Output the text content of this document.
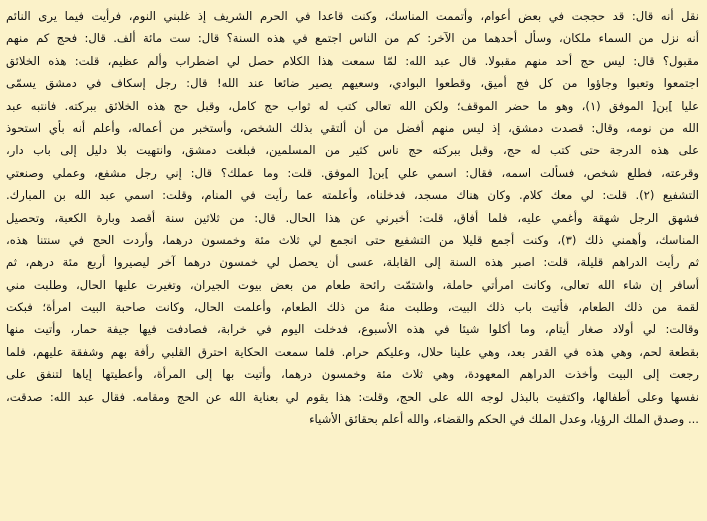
نقل أنه قال: قد حججت في بعض أعوام، وأتممت المناسك، وكنت قاعدا في الحرم الشريف إذ غلبني النوم، فرأيت فيما يرى النائم
أنه نزل من السماء ملكان، وسأل أحدهما من الآخر: كم من الناس اجتمع في هذه السنة؟ قال: ست مائة ألف. قال: فحج كم منهم
مقبول؟ قال: ليس حج أحد منهم مقبولا. قال عبد الله: لمّا سمعت هذا الكلام حصل لي اضطراب وألم عظيم، قلت: هذه الخلائق
اجتمعوا وتعبوا وجاؤوا من كل فج أميق، وقطعوا البوادي، وسعيهم يصير ضائعا عند الله! قال: رجل إسكاف في دمشق يسمّى
عليا ]بن[ الموفق (١)، وهو ما حضر الموقف؛ ولكن الله تعالى كتب له ثواب حج كامل، وقبل حج هذه الخلائق ببركته. فانتبه عبد
الله من نومه، وقال: قصدت دمشق، إذ ليس منهم أفضل من أن ألتقي بذلك الشخص، وأستخبر من أعماله، وأعلم أنه بأي استحوذ
على هذه الدرجة حتى كتب له حج، وقبل ببركته حج ناس كثير من المسلمين، فبلغت دمشق، وانتهيت بلا دليل إلى باب دار،
وقرعته، فطلع شخص، فسألت اسمه، فقال: اسمي علي ]بن[ الموفق. قلت: وما عملك؟ قال: إني رجل مشفع، وعملي وصنعتي
التشفيع (٢). قلت: لي معك كلام. وكان هناك مسجد، فدخلناه، وأعلمته عما رأيت في المنام، وقلت: اسمي عبد الله بن المبارك.
فشهق الرجل شهقة وأغمي عليه، فلما أفاق، قلت: أخبرني عن هذا الحال. قال: من ثلاثين سنة أقصد وبارة الكعبة، وتحصيل
المناسك، وأهمني ذلك (٣)، وكنت أجمع قليلا من التشفيع حتى انجمع لي ثلاث مئة وخمسون درهما، وأردت الحج في سنتنا هذه،
ثم رأيت الدراهم قليلة، قلت: اصبر هذه السنة إلى القابلة، عسى أن يحصل لي خمسون درهما آخر ليصيروا أربع مئة درهم، ثم
أسافر إن شاء الله تعالى، وكانت امرأتي حاملة، واشتمّت رائحة طعام من بعض بيوت الجيران، وتغيرت عليها الحال، وطلبت مني
لقمة من ذلك الطعام، فأتيت باب ذلك البيت، وطلبت منهُ من ذلك الطعام، وأعلمت الحال، وكانت صاحبة البيت امرأة؛ فبكت
وقالت: لي أولاد صغار أيتام، وما أكلوا شيئا في هذه الأسبوع، فدخلت اليوم في خرابة، فصادفت فيها جيفة حمار، وأتيت منها
بقطعة لحم، وهي هذه في القدر بعد، وهي علينا حلال، وعليكم حرام. فلما سمعت الحكاية احترق القلبي رأفة بهم وشفقة عليهم، فلما
رجعت إلى البيت وأخذت الدراهم المعهودة، وهي ثلاث مئة وخمسون درهما، وأتيت بها إلى المرأة، وأعطيتها إياها لتنفق على
نفسها وعلى أطفالها، واكتفيت بالبذل لوجه الله على الحج، وقلت: هذا يقوم لي بعناية الله عن الحج ومقامه. فقال عبد الله: صدقت،
... وصدق الملك الرؤيا، وعدل الملك في الحكم والقضاء، والله أعلم بحقائق الأشياء
